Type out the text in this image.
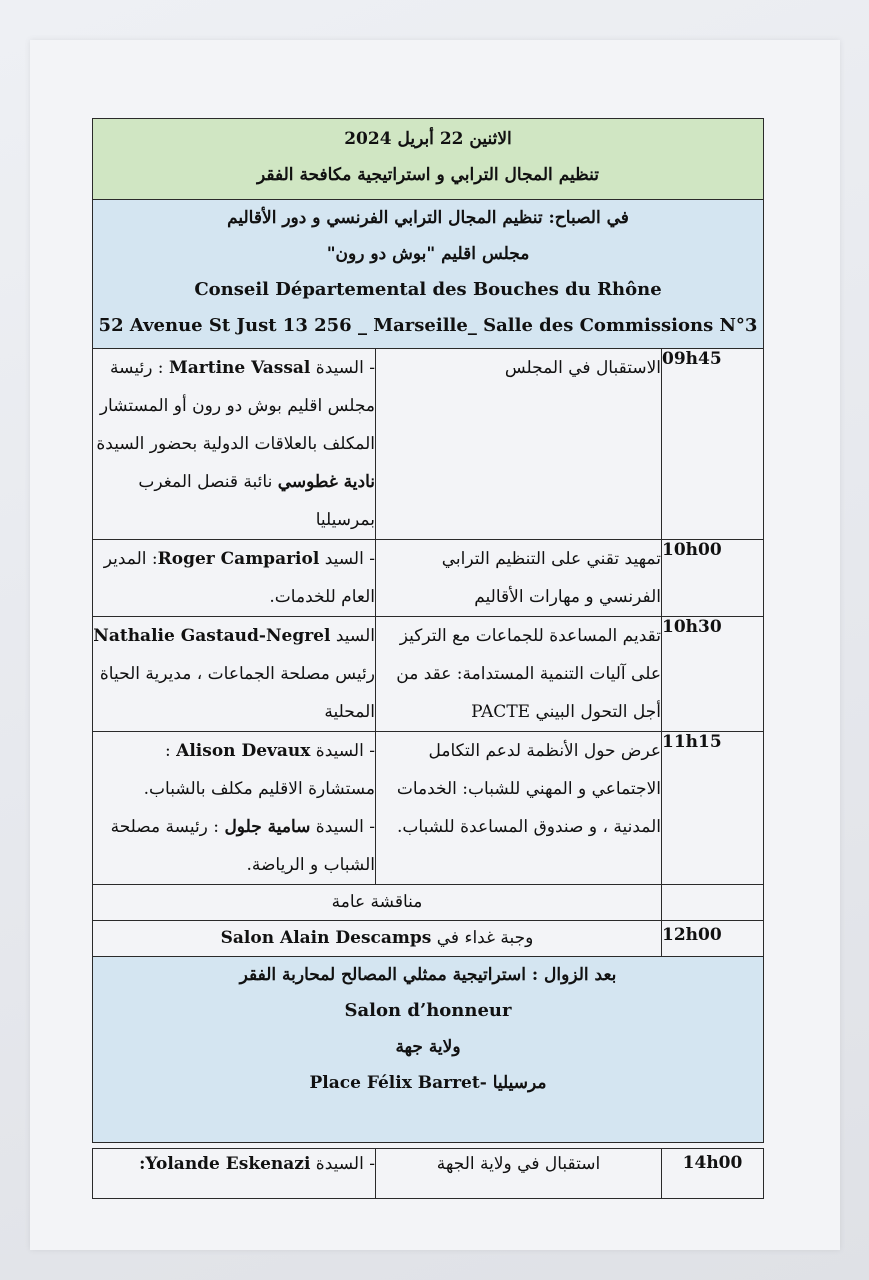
الاثنين 22 أبريل 2024
تنظيم المجال الترابي و استراتيجية مكافحة الفقر		

في الصباح: تنظيم المجال الترابي الفرنسي و دور الأقاليم
مجلس اقليم "بوش دو رون"
Conseil Départemental des Bouches du Rhône
52 Avenue St Just 13 256 _ Marseille_ Salle des Commissions N°3		

- السيدة Martine Vassal : رئيسة مجلس اقليم بوش دو رون أو المستشار المكلف بالعلاقات الدولية بحضور السيدة نادية غطوسي نائبة قنصل المغرب بمرسيليا	الاستقبال في المجلس	09h45
- السيد Roger Campariol: المدير العام للخدمات.	تمهيد تقني على التنظيم الترابي الفرنسي و مهارات الأقاليم	10h00
السيد Nathalie Gastaud-Negrel رئيس مصلحة الجماعات ، مديرية الحياة المحلية	تقديم المساعدة للجماعات مع التركيز على آليات التنمية المستدامة: عقد من أجل التحول البيني PACTE	10h30

- السيدة Alison Devaux : مستشارة الاقليم مكلف بالشباب.
- السيدة سامية جلول : رئيسة مصلحة الشباب و الرياضة.	عرض حول الأنظمة لدعم التكامل الاجتماعي و المهني للشباب: الخدمات المدنية ، و صندوق المساعدة للشباب.	11h15
مناقشة عامة		
وجبة غداء في Salon Alain Descamps		12h00

بعد الزوال : استراتيجية ممثلي المصالح لمحاربة الفقر
Salon d’honneur
ولاية جهة
مرسيليا -Place Félix Barret		

- السيدة Yolande Eskenazi:	استقبال في ولاية الجهة	14h00
